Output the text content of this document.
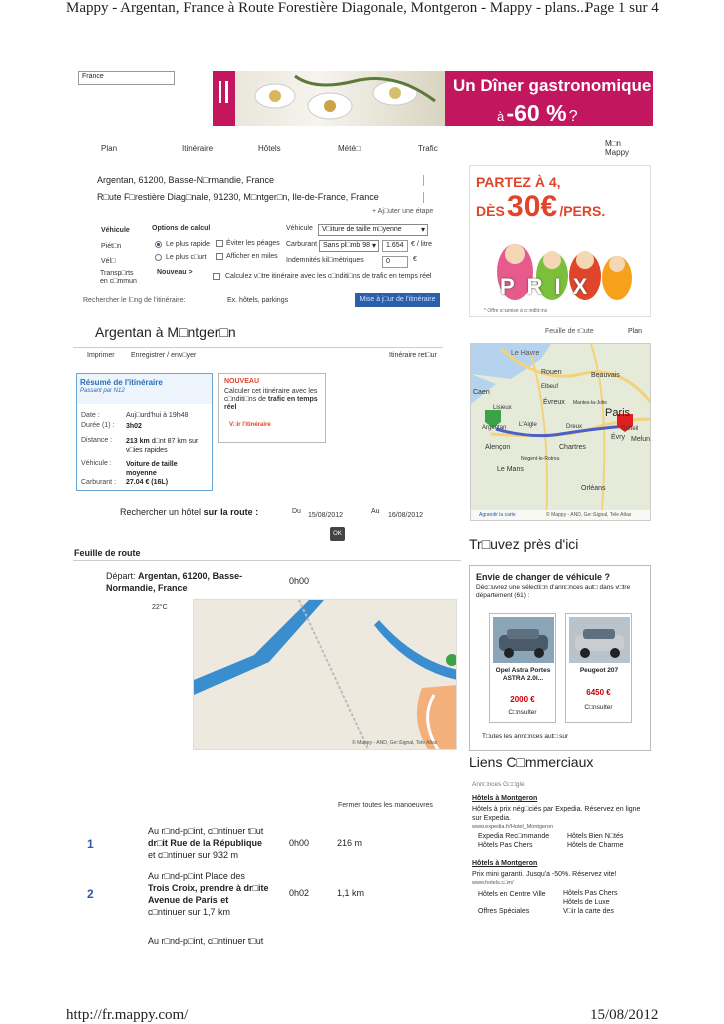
Mappy - Argentan, France à Route Forestière Diagonale, Montgeron - Mappy - plans...
Page 1 sur 4
http://fr.mappy.com/	15/08/2012
France	Un Dîner gastronomique
à -60 % ?
Plan	Itinéraire	Hôtels	Mété□	Trafic
M□n
Mappy
Argentan, 61200, Basse-N□rmandie, France
R□ute F□restière Diag□nale, 91230, M□ntger□n, Ile-de-France, France
+ Aj□uter une étape
Véhicule	Options de calcul
Piét□n
Vél□
Transp□rts
en c□mmun
Le plus rapide
Le plus c□urt
Nouveau >
Éviter les péages
Afficher en miles
Véhicule	V□iture de taille m□yenne ▾
Carburant Sans pl□mb 98 ▾	1.654	€ / litre
Indemnités kil□métriques	0	€
Calculez v□tre itinéraire avec les c□nditi□ns de trafic en temps réel
Rechercher le l□ng de l'itinéraire:	Ex. hôtels, parkings	Mise à j□ur de l'itinéraire
PARTEZ À 4,
DÈS 30€ /PERS.
PRIX
* Offre s□umise à c□nditi□ns
Argentan à M□ntger□n	Feuille de r□ute	Plan
Imprimer Enregistrer / env□yer	Itinéraire ret□ur
Résumé de l'itinéraire
Passant par N12
Date :	Auj□urd'hui à 19h48
Durée (1) : 3h02
Distance : 213 km d□nt 87 km sur v□ies rapides
Véhicule : Voiture de taille moyenne
Carburant : 27.04 € (16L)
NOUVEAU
Calculer cet itinéraire avec les c□nditi□ns de trafic en temps réel
V□ir l'itinéraire
Rouen	Beauvais
Le Havre
Évreux
Caen
Paris
Argentan
Alençon	Chartres
Évry
Le Mans
Orléans
Melun
Lisieux
Elbeuf
Dreux
L'Aigle
Nogent-le-Rotrou
Mantes-la-Jolie
Créteil
Agrandir la carte	© Mappy - AND, Ge□Signal, Tele Atlas
Rechercher un hôtel sur la route :	Du
15/08/2012
Au
16/08/2012
OK
Feuille de route
Départ: Argentan, 61200, Basse-Normandie, France
0h00
22°C
© Mappy - AND, Ge□Signal, Tele Atlas
Fermer toutes les manoeuvres
1
Au r□nd-p□int, c□ntinuer t□ut
dr□it Rue de la République
et c□ntinuer sur 932 m
0h00	216 m
2
Au r□nd-p□int Place des
Trois Croix, prendre à dr□ite
Avenue de Paris et
c□ntinuer sur 1,7 km
0h02	1,1 km
Au r□nd-p□int, c□ntinuer t□ut
Tr□uvez près d'ici
Envie de changer de véhicule ?
Déc□uvrez une sélecti□n d'ann□nces aut□ dans v□tre département (61) :
Opel Astra Portes ASTRA 2.0l...
2000 €
C□nsulter
Peugeot 207
6450 €
C□nsulter
T□utes les ann□nces aut□ sur
Liens C□mmerciaux
Ann□nces G□□gle
Hôtels à Montgeron
Hôtels à prix nég□ciés par Expedia. Réservez en ligne sur Expedia.
www.expedia.fr/Hotel_Montgeron
Expedia Rec□mmande	Hôtels Bien N□tés
Hôtels Pas Chers	Hôtels de Charme
Hôtels à Montgeron
Prix mini garanti. Jusqu'a -50%. Réservez vite!
www.hotels.c□m/
Hôtels en Centre Ville	Hôtels Pas Chers
Hôtels de Luxe
Offres Spéciales	V□ir la carte des
